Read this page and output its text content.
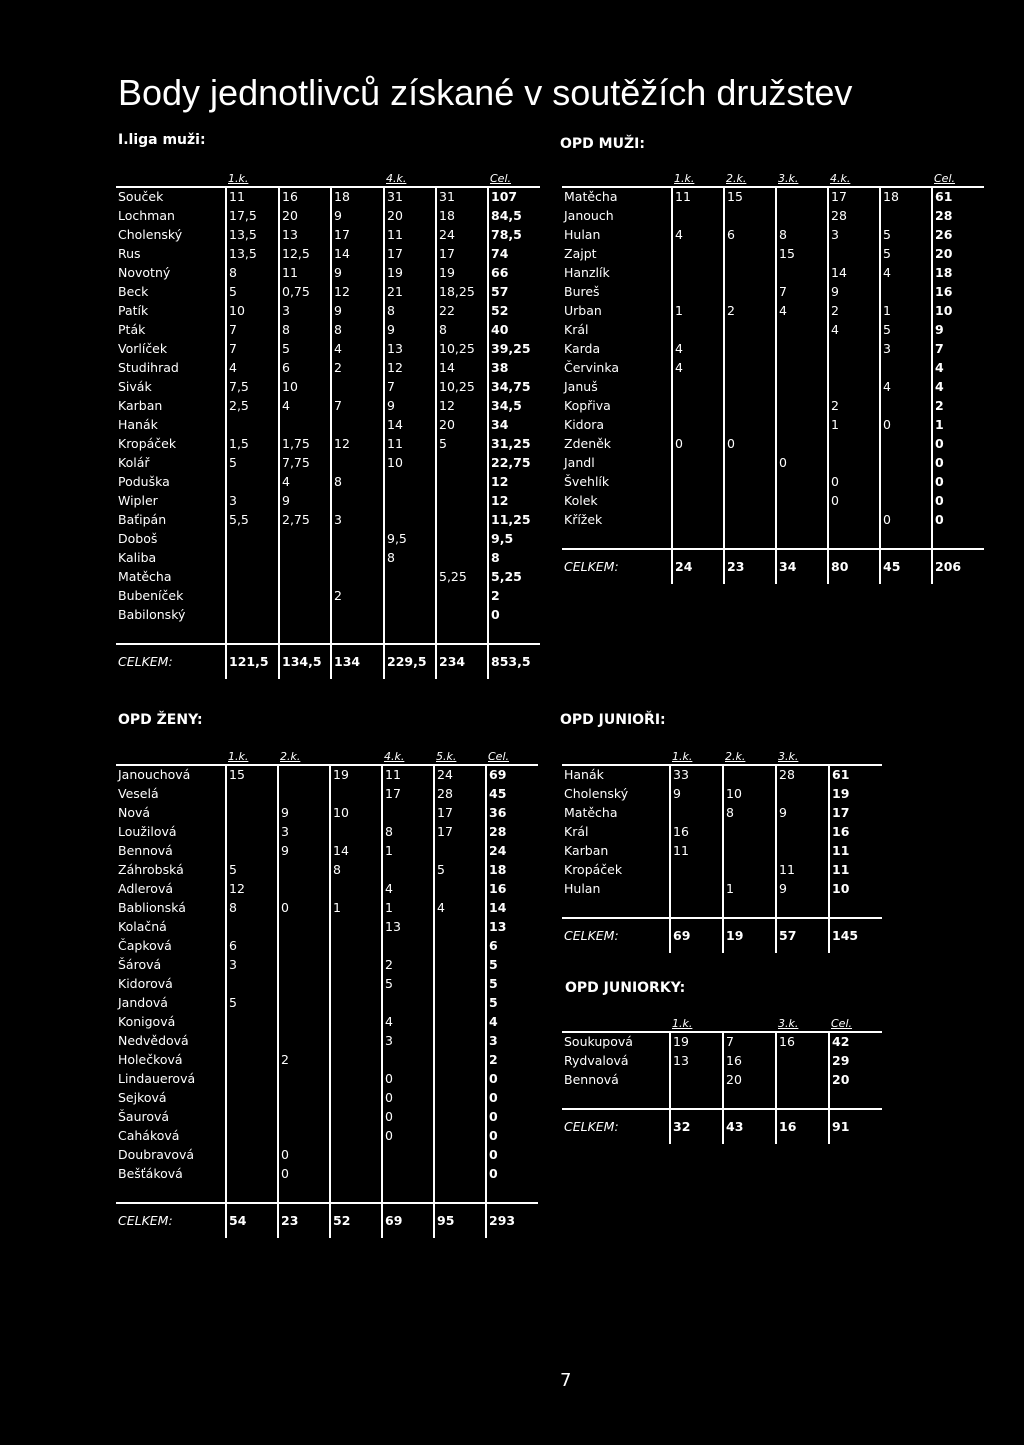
Body jednotlivců získané v soutěžích družstev
I.liga muži:
	1.k.			4.k.		Cel.
Souček	11	16	18	31	31	107
Lochman	17,5	20	9	20	18	84,5
Cholenský	13,5	13	17	11	24	78,5
Rus	13,5	12,5	14	17	17	74
Novotný	8	11	9	19	19	66
Beck	5	0,75	12	21	18,25	57
Patík	10	3	9	8	22	52
Pták	7	8	8	9	8	40
Vorlíček	7	5	4	13	10,25	39,25
Studihrad	4	6	2	12	14	38
Sivák	7,5	10		7	10,25	34,75
Karban	2,5	4	7	9	12	34,5
Hanák				14	20	34
Kropáček	1,5	1,75	12	11	5	31,25
Kolář	5	7,75		10		22,75
Poduška		4	8			12
Wipler	3	9				12
Baťipán	5,5	2,75	3			11,25
Doboš				9,5		9,5
Kaliba				8		8
Matěcha					5,25	5,25
Bubeníček			2			2
Babilonský						0

CELKEM:	121,5	134,5	134	229,5	234	853,5
OPD MUŽI:
	1.k.	2.k.	3.k.	4.k.		Cel.
Matěcha	11	15		17	18	61
Janouch				28		28
Hulan	4	6	8	3	5	26
Zajpt			15		5	20
Hanzlík				14	4	18
Bureš			7	9		16
Urban	1	2	4	2	1	10
Král				4	5	9
Karda	4				3	7
Červinka	4					4
Januš					4	4
Kopřiva				2		2
Kidora				1	0	1
Zdeněk	0	0				0
Jandl			0			0
Švehlík				0		0
Kolek				0		0
Křížek					0	0

CELKEM:	24	23	34	80	45	206
OPD ŽENY:
	1.k.	2.k.		4.k.	5.k.	Cel.
Janouchová	15		19	11	24	69
Veselá				17	28	45
Nová		9	10		17	36
Loužilová		3		8	17	28
Bennová		9	14	1		24
Záhrobská	5		8		5	18
Adlerová	12			4		16
Bablionská	8	0	1	1	4	14
Kolačná				13		13
Čapková	6					6
Šárová	3			2		5
Kidorová				5		5
Jandová	5					5
Konigová				4		4
Nedvědová				3		3
Holečková		2				2
Lindauerová				0		0
Sejková				0		0
Šaurová				0		0
Caháková				0		0
Doubravová		0				0
Bešťáková		0				0

CELKEM:	54	23	52	69	95	293
OPD JUNIOŘI:
	1.k.	2.k.	3.k.	
Hanák	33		28	61
Cholenský	9	10		19
Matěcha		8	9	17
Král	16			16
Karban	11			11
Kropáček			11	11
Hulan		1	9	10

CELKEM:	69	19	57	145
OPD JUNIORKY:
	1.k.		3.k.	Cel.
Soukupová	19	7	16	42
Rydvalová	13	16		29
Bennová		20		20

CELKEM:	32	43	16	91
7
